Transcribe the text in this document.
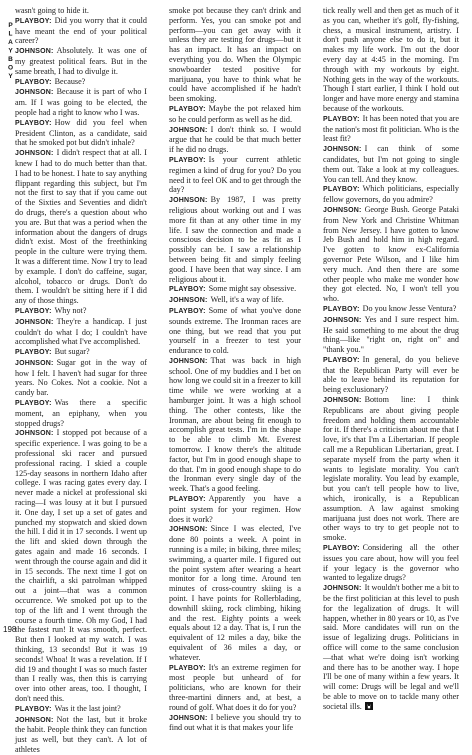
PLAYBOY

wasn't going to hide it.

PLAYBOY: Did you worry that it could have meant the end of your political career?

JOHNSON: Absolutely. It was one of my greatest political fears. But in the same breath, I had to divulge it.

PLAYBOY: Because?

JOHNSON: Because it is part of who I am. If I was going to be elected, the people had a right to know who I was.

PLAYBOY: How did you feel when President Clinton, as a candidate, said that he smoked pot but didn't inhale?

JOHNSON: I didn't respect that at all. I knew I had to do much better than that. I had to be honest. I hate to say anything flippant regarding this subject, but I'm not the first to say that if you came out of the Sixties and Seventies and didn't do drugs, there's a question about who you are. But that was a period when the information about the dangers of drugs didn't exist. Most of the freethinking people in the culture were trying them. It was a different time. Now I try to lead by example. I don't do caffeine, sugar, alcohol, tobacco or drugs. Don't do them. I wouldn't be sitting here if I did any of those things.

PLAYBOY: Why not?

JOHNSON: They're a handicap. I just couldn't do what I do; I couldn't have accomplished what I've accomplished.

PLAYBOY: But sugar?

JOHNSON: Sugar got in the way of how I felt. I haven't had sugar for three years. No Cokes. Not a cookie. Not a candy bar.

PLAYBOY: Was there a specific moment, an epiphany, when you stopped drugs?

JOHNSON: I stopped pot because of a specific experience. I was going to be a professional ski racer and pursued professional racing. I skied a couple 125-day seasons in northern Idaho after college. I was racing gates every day. I never made a nickel at professional ski racing—I was lousy at it but I pursued it. One day, I set up a set of gates and punched my stopwatch and skied down the hill. I did it in 17 seconds. I went up the lift and skied down through the gates again and made 16 seconds. I went through the course again and did it in 15 seconds. The next time I got on the chairlift, a ski patrolman whipped out a joint—that was a common occurrence. We smoked pot up to the top of the lift and I went through the course a fourth time. Oh my God, I had the fastest run! It was smooth, perfect. But then I looked at my watch. I was thinking, 13 seconds! But it was 19 seconds! Whoa! It was a revelation. If I did 19 and thought I was so much faster than I really was, then this is carrying over into other areas, too. I thought, I don't need this.

PLAYBOY: Was it the last joint?

JOHNSON: Not the last, but it broke the habit. People think they can function just as well, but they can't. A lot of athletes

smoke pot because they can't drink and perform. Yes, you can smoke pot and perform—you can get away with it unless they are testing for drugs—but it has an impact. It has an impact on everything you do. When the Olympic snowboarder tested positive for marijuana, you have to think what he could have accomplished if he hadn't been smoking.

PLAYBOY: Maybe the pot relaxed him so he could perform as well as he did.

JOHNSON: I don't think so. I would argue that he could be that much better if he did no drugs.

PLAYBOY: Is your current athletic regimen a kind of drug for you? Do you need it to feel OK and to get through the day?

JOHNSON: By 1987, I was pretty religious about working out and I was more fit than at any other time in my life. I saw the connection and made a conscious decision to be as fit as I possibly can be. I saw a relationship between being fit and simply feeling good. I have been that way since. I am religious about it.

PLAYBOY: Some might say obsessive.

JOHNSON: Well, it's a way of life.

PLAYBOY: Some of what you've done sounds extreme. The Ironman races are one thing, but we read that you put yourself in a freezer to test your endurance to cold.

JOHNSON: That was back in high school. One of my buddies and I bet on how long we could sit in a freezer to kill time while we were working at a hamburger joint. It was a high school thing. The other contests, like the Ironman, are about being fit enough to accomplish great tests. I'm in the shape to be able to climb Mt. Everest tomorrow. I know there's the altitude factor, but I'm in good enough shape to do that. I'm in good enough shape to do the Ironman every single day of the week. That's a good feeling.

PLAYBOY: Apparently you have a point system for your regimen. How does it work?

JOHNSON: Since I was elected, I've done 80 points a week. A point in running is a mile; in biking, three miles; swimming, a quarter mile. I figured out the point system after wearing a heart monitor for a long time. Around ten minutes of cross-country skiing is a point. I have points for Rollerblading, downhill skiing, rock climbing, hiking and the rest. Eighty points a week equals about 12 a day. That is, I run the equivalent of 12 miles a day, bike the equivalent of 36 miles a day, or whatever.

PLAYBOY: It's an extreme regimen for most people but unheard of for politicians, who are known for their three-martini dinners and, at best, a round of golf. What does it do for you?

JOHNSON: I believe you should try to find out what it is that makes your life

tick really well and then get as much of it as you can, whether it's golf, fly-fishing, chess, a musical instrument, artistry. I don't push anyone else to do it, but it makes my life work. I'm out the door every day at 4:45 in the morning. I'm through with my workouts by eight. Nothing gets in the way of the workouts. Though I start earlier, I think I hold out longer and have more energy and stamina because of the workouts.

PLAYBOY: It has been noted that you are the nation's most fit politician. Who is the least fit?

JOHNSON: I can think of some candidates, but I'm not going to single them out. Take a look at my colleagues. You can tell. And they know.

PLAYBOY: Which politicians, especially fellow governors, do you admire?

JOHNSON: George Bush. George Pataki from New York and Christine Whitman from New Jersey. I have gotten to know Jeb Bush and hold him in high regard. I've gotten to know ex-California governor Pete Wilson, and I like him very much. And then there are some other people who make me wonder how they got elected. No, I won't tell you who.

PLAYBOY: Do you know Jesse Ventura?

JOHNSON: Yes and I sure respect him. He said something to me about the drug thing—like "right on, right on" and "thank you."

PLAYBOY: In general, do you believe that the Republican Party will ever be able to leave behind its reputation for being exclusionary?

JOHNSON: Bottom line: I think Republicans are about giving people freedom and holding them accountable for it. If there's a criticism about me that I love, it's that I'm a Libertarian. If people call me a Republican Libertarian, great. I separate myself from the party when it wants to legislate morality. You can't legislate morality. You lead by example, but you can't tell people how to live, which, ironically, is a Republican assumption. A law against smoking marijuana just does not work. There are other ways to try to get people not to smoke.

PLAYBOY: Considering all the other issues you care about, how will you feel if your legacy is the governor who wanted to legalize drugs?

JOHNSON: It wouldn't bother me a bit to be the first politician at this level to push for the legalization of drugs. It will happen, whether in 80 years or 10, as I've said. More candidates will run on the issue of legalizing drugs. Politicians in office will come to the same conclusion—that what we're doing isn't working and there has to be another way. I hope I'll be one of many within a few years. It will come: Drugs will be legal and we'll be able to move on to tackle many other societal ills.

198
